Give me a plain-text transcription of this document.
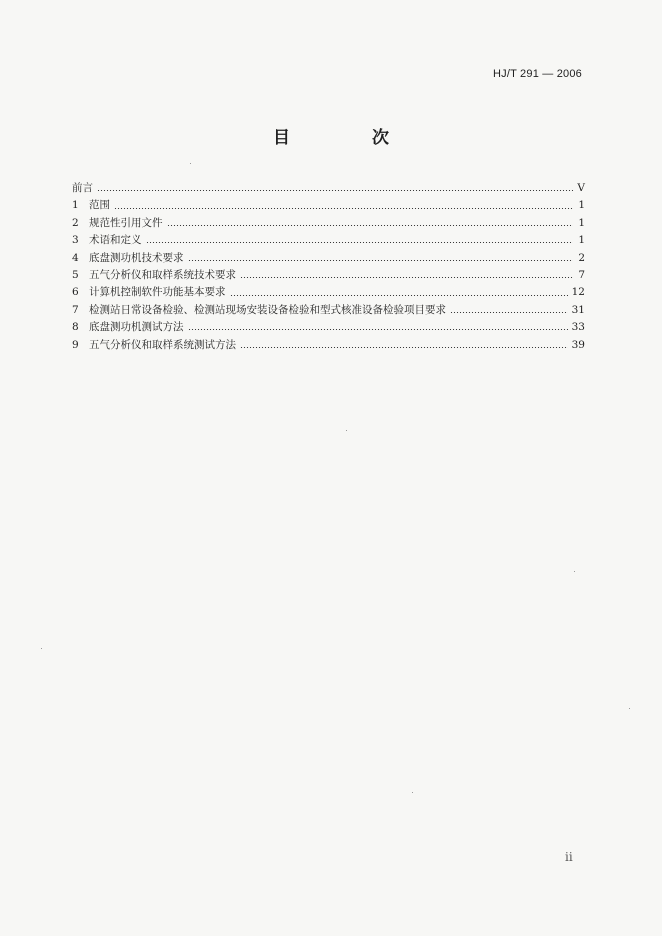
HJ/T 291 — 2006
目 次
前言	V
1 范围	1
2 规范性引用文件	1
3 术语和定义	1
4 底盘测功机技术要求	2
5 五气分析仪和取样系统技术要求	7
6 计算机控制软件功能基本要求	12
7 检测站日常设备检验、检测站现场安装设备检验和型式核准设备检验项目要求	31
8 底盘测功机测试方法	33
9 五气分析仪和取样系统测试方法	39
ii
